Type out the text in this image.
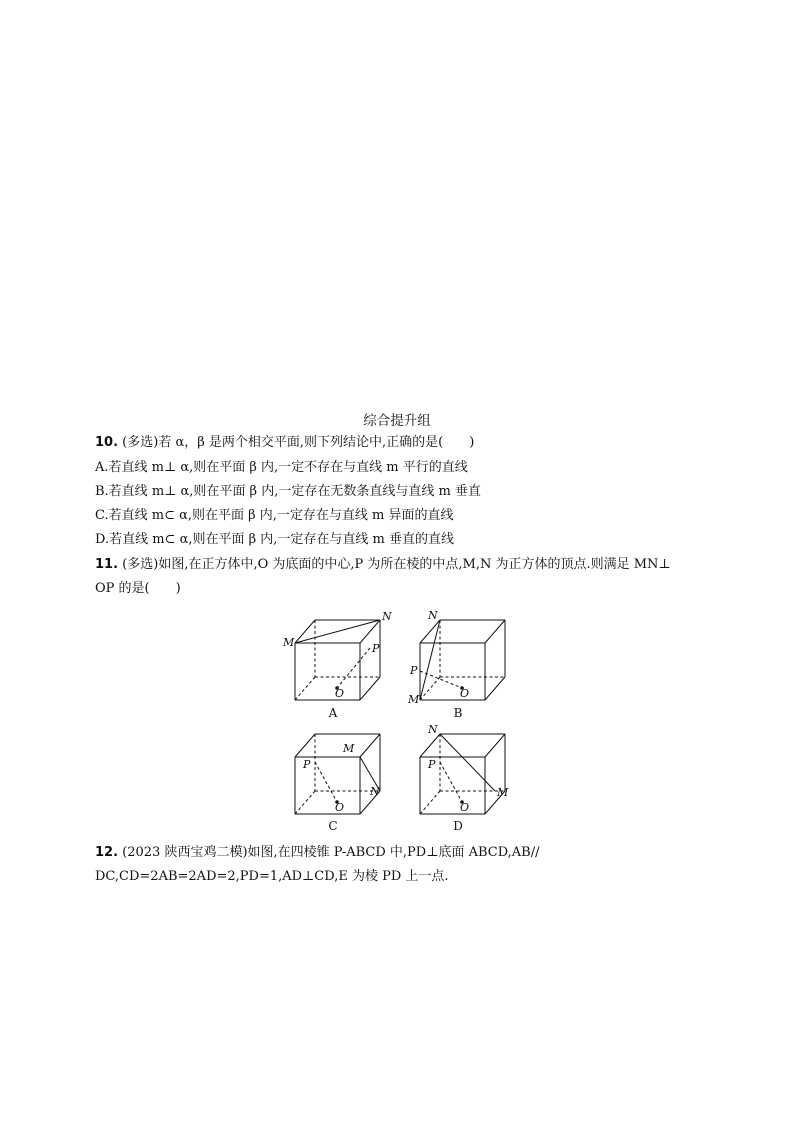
综合提升组
10. (多选)若 α，β 是两个相交平面,则下列结论中,正确的是(　　)
A.若直线 m⊥ α,则在平面 β 内,一定不存在与直线 m 平行的直线
B.若直线 m⊥ α,则在平面 β 内,一定存在无数条直线与直线 m 垂直
C.若直线 m⊂ α,则在平面 β 内,一定存在与直线 m 异面的直线
D.若直线 m⊂ α,则在平面 β 内,一定存在与直线 m 垂直的直线
11. (多选)如图,在正方体中,O 为底面的中心,P 为所在棱的中点,M,N 为正方体的顶点.则满足 MN⊥
OP 的是(　　)
M
N
P
O
A
M
N
P
O
B
M
N
P
O
C
M
N
P
O
D
12. (2023 陕西宝鸡二模)如图,在四棱锥 P-ABCD 中,PD⊥底面 ABCD,AB//
DC,CD=2AB=2AD=2,PD=1,AD⊥CD,E 为棱 PD 上一点.
